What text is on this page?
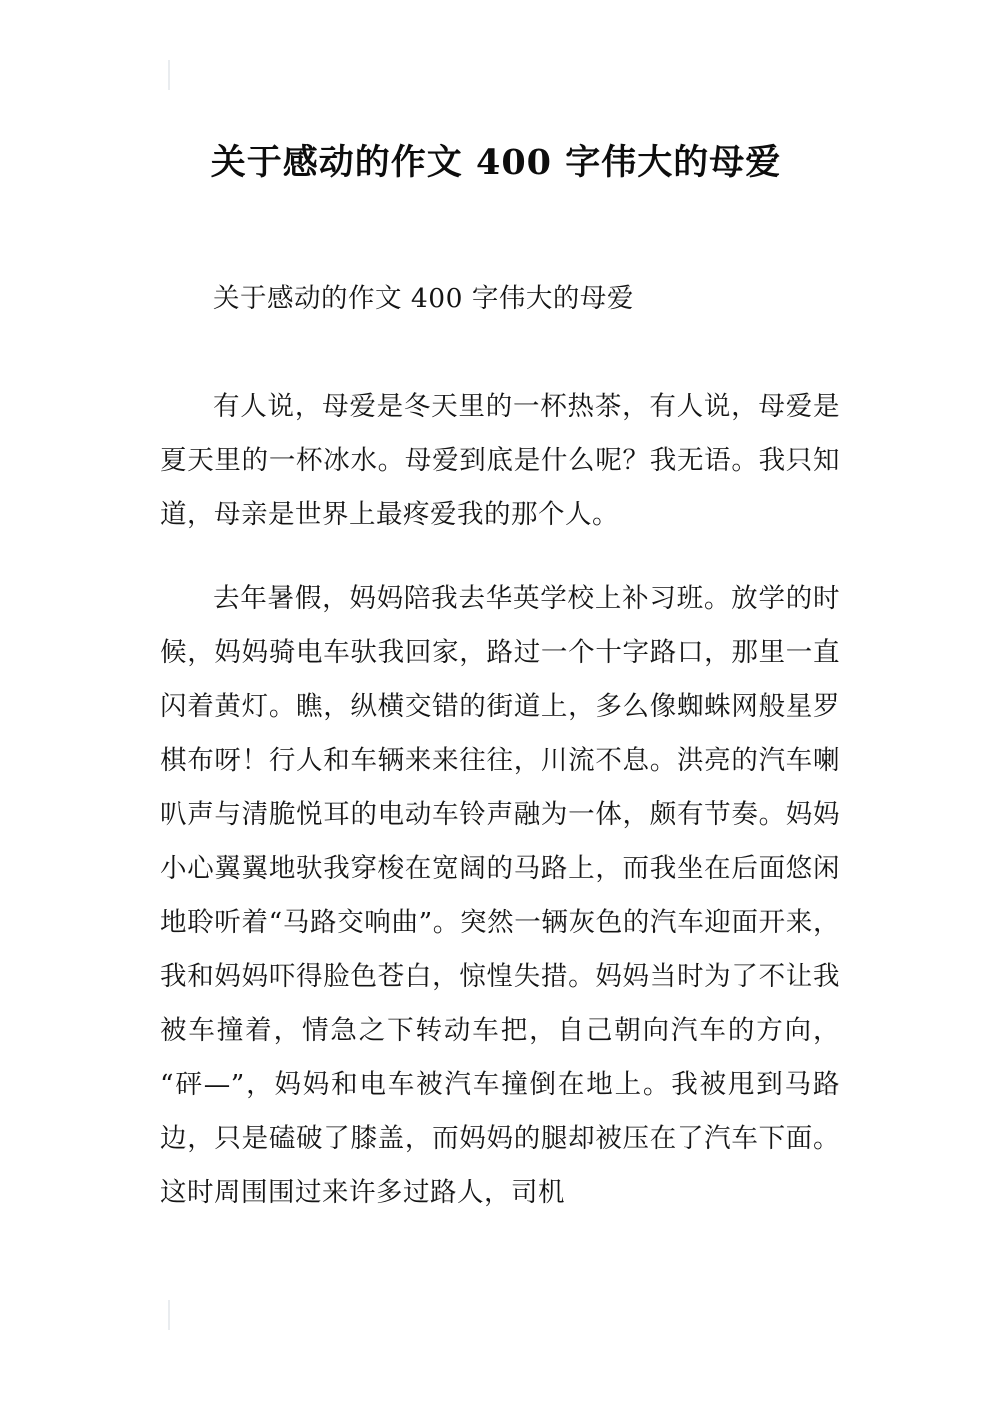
关于感动的作文 400 字伟大的母爱

关于感动的作文 400 字伟大的母爱

有人说，母爱是冬天里的一杯热茶，有人说，母爱是夏天里的一杯冰水。母爱到底是什么呢？我无语。我只知道，母亲是世界上最疼爱我的那个人。

去年暑假，妈妈陪我去华英学校上补习班。放学的时候，妈妈骑电车驮我回家，路过一个十字路口，那里一直闪着黄灯。瞧，纵横交错的街道上，多么像蜘蛛网般星罗棋布呀！行人和车辆来来往往，川流不息。洪亮的汽车喇叭声与清脆悦耳的电动车铃声融为一体，颇有节奏。妈妈小心翼翼地驮我穿梭在宽阔的马路上，而我坐在后面悠闲地聆听着“马路交响曲”。突然一辆灰色的汽车迎面开来，我和妈妈吓得脸色苍白，惊惶失措。妈妈当时为了不让我被车撞着，情急之下转动车把，自己朝向汽车的方向，“砰—”，妈妈和电车被汽车撞倒在地上。我被甩到马路边，只是磕破了膝盖，而妈妈的腿却被压在了汽车下面。这时周围围过来许多过路人，司机
